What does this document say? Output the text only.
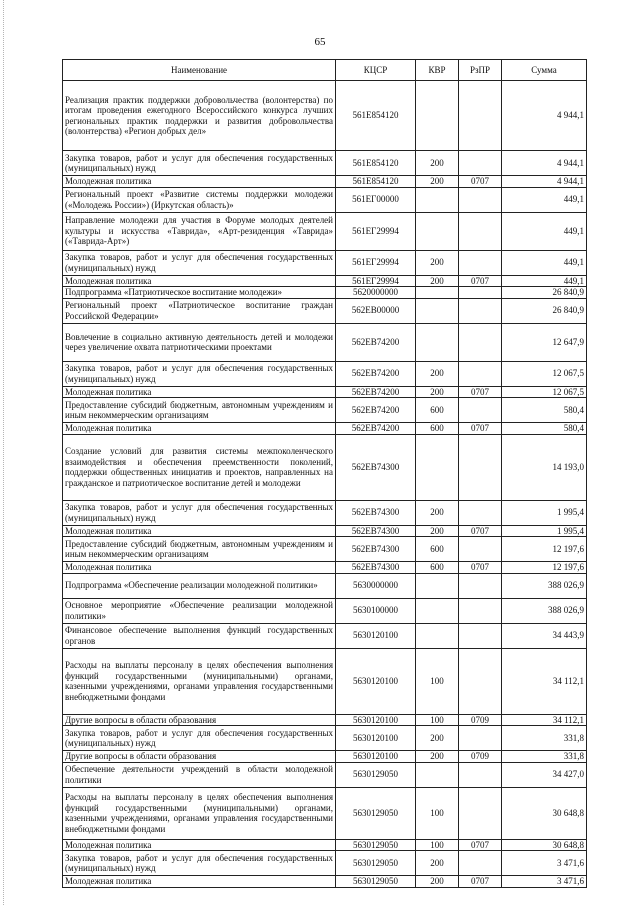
65
Наименование	КЦСР	КВР	РзПР	Сумма
Реализация практик поддержки добровольчества (волонтерства) по итогам проведения ежегодного Всероссийского конкурса лучших региональных практик поддержки и развития добровольчества (волонтерства) «Регион добрых дел»	561Е854120			4 944,1
Закупка товаров, работ и услуг для обеспечения государственных (муниципальных) нужд	561Е854120	200		4 944,1
Молодежная политика	561Е854120	200	0707	4 944,1
Региональный проект «Развитие системы поддержки молодежи («Молодежь России») (Иркутская область)»	561ЕГ00000			449,1
Направление молодежи для участия в Форуме молодых деятелей культуры и искусства «Таврида», «Арт-резиденция «Таврида» («Таврида-Арт»)	561ЕГ29994			449,1
Закупка товаров, работ и услуг для обеспечения государственных (муниципальных) нужд	561ЕГ29994	200		449,1
Молодежная политика	561ЕГ29994	200	0707	449,1
Подпрограмма «Патриотическое воспитание молодежи»	5620000000			26 840,9
Региональный проект «Патриотическое воспитание граждан Российской Федерации»	562ЕВ00000			26 840,9
Вовлечение в социально активную деятельность детей и молодежи через увеличение охвата патриотическими проектами	562ЕВ74200			12 647,9
Закупка товаров, работ и услуг для обеспечения государственных (муниципальных) нужд	562ЕВ74200	200		12 067,5
Молодежная политика	562ЕВ74200	200	0707	12 067,5
Предоставление субсидий бюджетным, автономным учреждениям и иным некоммерческим организациям	562ЕВ74200	600		580,4
Молодежная политика	562ЕВ74200	600	0707	580,4
Создание условий для развития системы межпоколенческого взаимодействия и обеспечения преемственности поколений, поддержки общественных инициатив и проектов, направленных на гражданское и патриотическое воспитание детей и молодежи	562ЕВ74300			14 193,0
Закупка товаров, работ и услуг для обеспечения государственных (муниципальных) нужд	562ЕВ74300	200		1 995,4
Молодежная политика	562ЕВ74300	200	0707	1 995,4
Предоставление субсидий бюджетным, автономным учреждениям и иным некоммерческим организациям	562ЕВ74300	600		12 197,6
Молодежная политика	562ЕВ74300	600	0707	12 197,6
Подпрограмма «Обеспечение реализации молодежной политики»	5630000000			388 026,9
Основное мероприятие «Обеспечение реализации молодежной политики»	5630100000			388 026,9
Финансовое обеспечение выполнения функций государственных органов	5630120100			34 443,9
Расходы на выплаты персоналу в целях обеспечения выполнения функций государственными (муниципальными) органами, казенными учреждениями, органами управления государственными внебюджетными фондами	5630120100	100		34 112,1
Другие вопросы в области образования	5630120100	100	0709	34 112,1
Закупка товаров, работ и услуг для обеспечения государственных (муниципальных) нужд	5630120100	200		331,8
Другие вопросы в области образования	5630120100	200	0709	331,8
Обеспечение деятельности учреждений в области молодежной политики	5630129050			34 427,0
Расходы на выплаты персоналу в целях обеспечения выполнения функций государственными (муниципальными) органами, казенными учреждениями, органами управления государственными внебюджетными фондами	5630129050	100		30 648,8
Молодежная политика	5630129050	100	0707	30 648,8
Закупка товаров, работ и услуг для обеспечения государственных (муниципальных) нужд	5630129050	200		3 471,6
Молодежная политика	5630129050	200	0707	3 471,6
